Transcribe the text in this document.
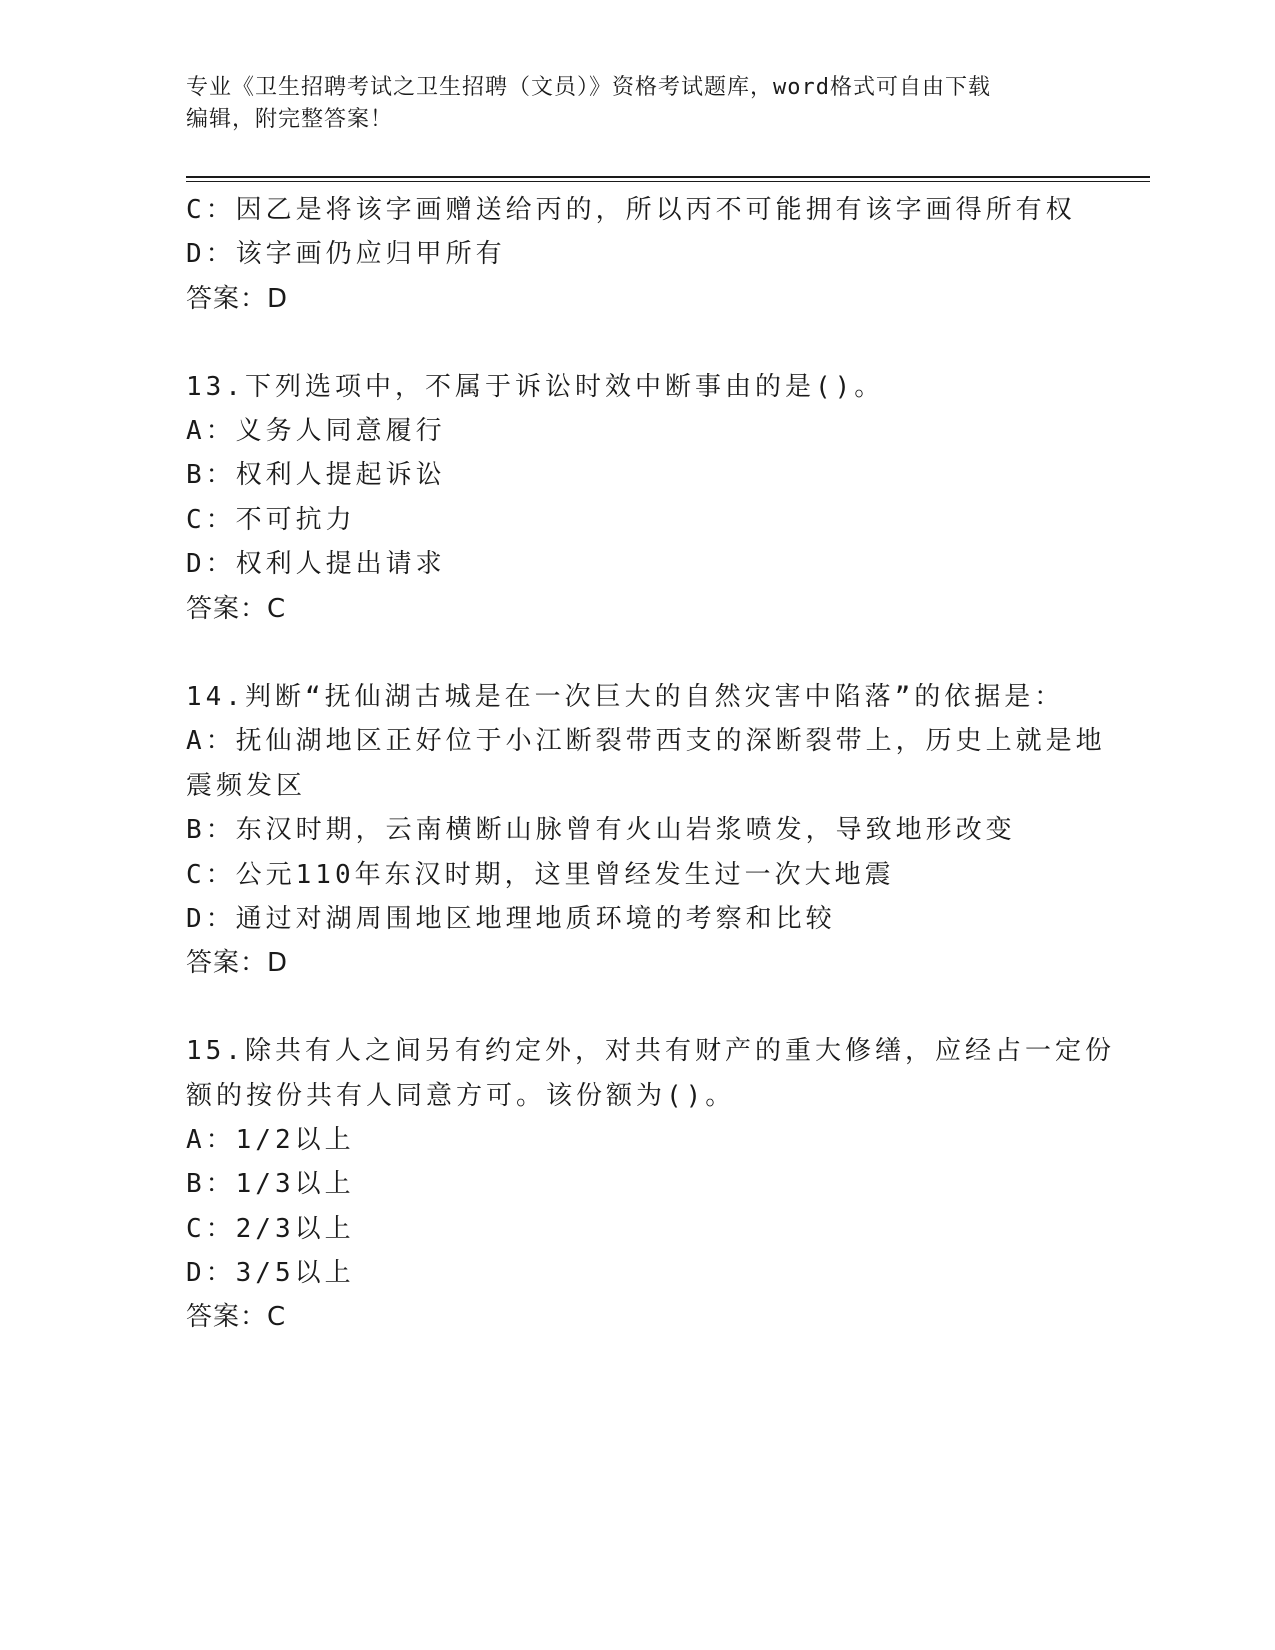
专业《卫生招聘考试之卫生招聘（文员）》资格考试题库，word格式可自由下载
编辑，附完整答案！
C：因乙是将该字画赠送给丙的，所以丙不可能拥有该字画得所有权
D：该字画仍应归甲所有
答案：D
13.下列选项中，不属于诉讼时效中断事由的是()。
A：义务人同意履行
B：权利人提起诉讼
C：不可抗力
D：权利人提出请求
答案：C
14.判断“抚仙湖古城是在一次巨大的自然灾害中陷落”的依据是：
A：抚仙湖地区正好位于小江断裂带西支的深断裂带上，历史上就是地
震频发区
B：东汉时期，云南横断山脉曾有火山岩浆喷发，导致地形改变
C：公元110年东汉时期，这里曾经发生过一次大地震
D：通过对湖周围地区地理地质环境的考察和比较
答案：D
15.除共有人之间另有约定外，对共有财产的重大修缮，应经占一定份
额的按份共有人同意方可。该份额为()。
A：1/2以上
B：1/3以上
C：2/3以上
D：3/5以上
答案：C
